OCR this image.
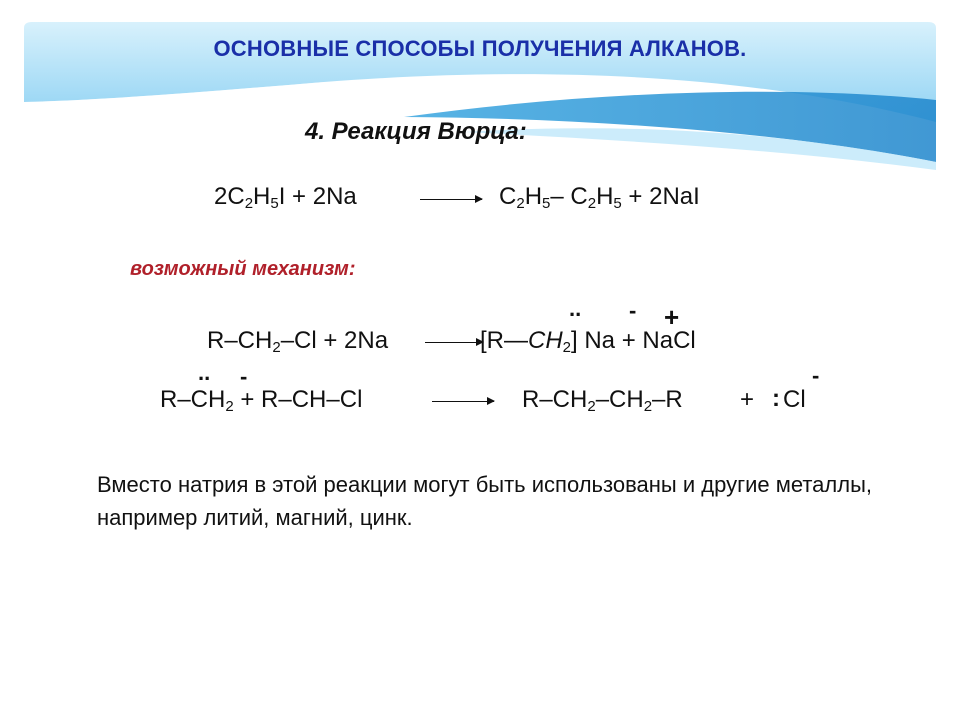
ОСНОВНЫЕ СПОСОБЫ ПОЛУЧЕНИЯ АЛКАНОВ.
4. Реакция Вюрца:
$2C_2H_5I + 2Na$	→ $C_2H_5-$ $C_2H_5 + 2NaI$
возможный механизм:
.. - +
$R-CH_2-Cl + 2Na$	$[R—CH_2] Na$ + NaCl
.. -	-
$R-CH_2 + R-CH-Cl$	$R-CH_2-CH_2-R$ + : Cl
Вместо натрия в этой реакции могут быть использованы и другие металлы, например литий, магний, цинк.
